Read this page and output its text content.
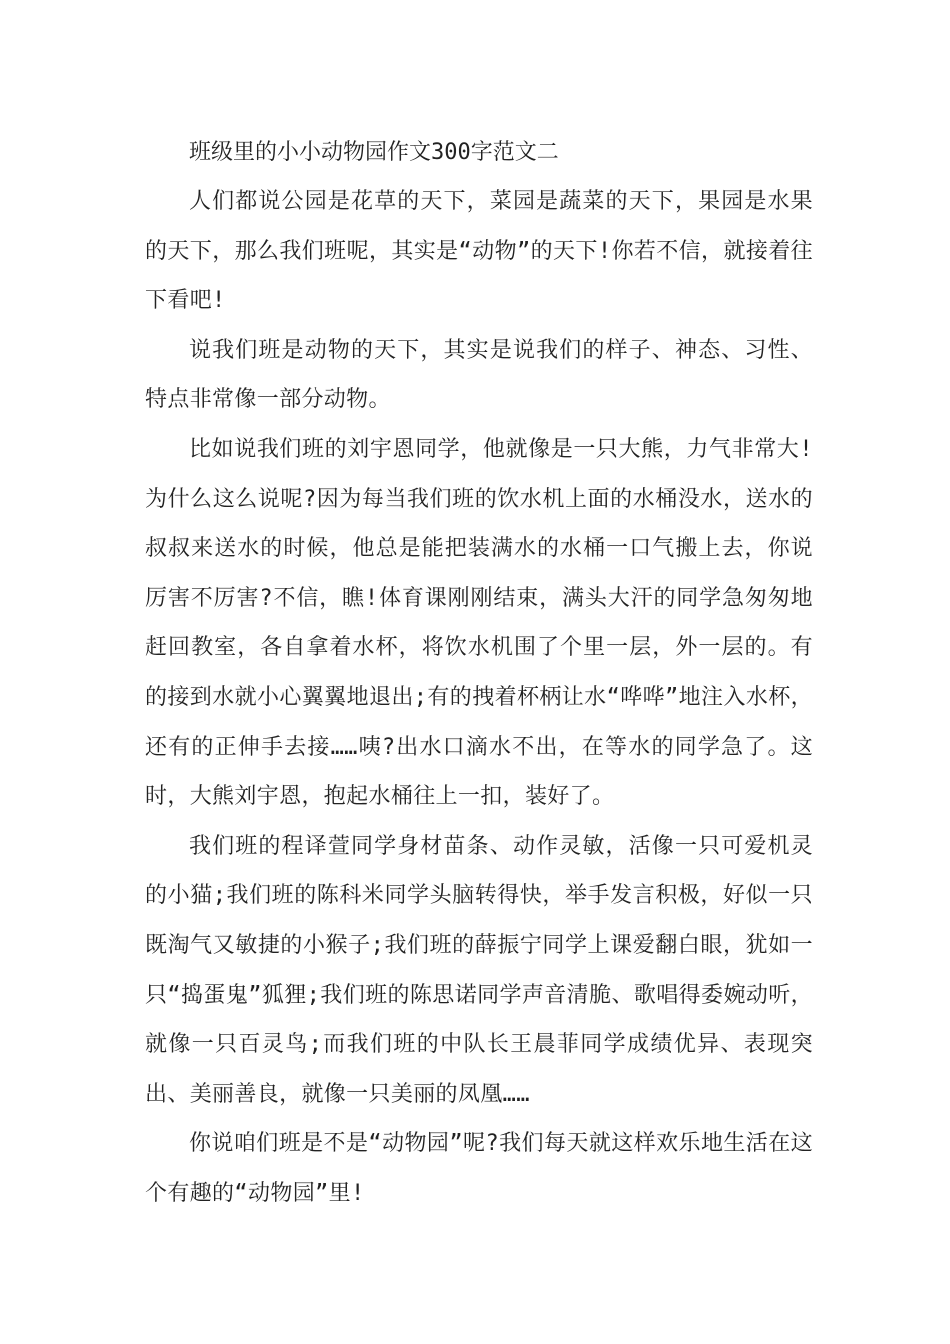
班级里的小小动物园作文300字范文二

人们都说公园是花草的天下，菜园是蔬菜的天下，果园是水果的天下，那么我们班呢，其实是“动物”的天下!你若不信，就接着往下看吧!

说我们班是动物的天下，其实是说我们的样子、神态、习性、特点非常像一部分动物。

比如说我们班的刘宇恩同学，他就像是一只大熊，力气非常大!为什么这么说呢?因为每当我们班的饮水机上面的水桶没水，送水的叔叔来送水的时候，他总是能把装满水的水桶一口气搬上去，你说厉害不厉害?不信，瞧!体育课刚刚结束，满头大汗的同学急匆匆地赶回教室，各自拿着水杯，将饮水机围了个里一层，外一层的。有的接到水就小心翼翼地退出;有的拽着杯柄让水“哗哗”地注入水杯，还有的正伸手去接……咦?出水口滴水不出，在等水的同学急了。这时，大熊刘宇恩，抱起水桶往上一扣，装好了。

我们班的程译萱同学身材苗条、动作灵敏，活像一只可爱机灵的小猫;我们班的陈科米同学头脑转得快，举手发言积极，好似一只既淘气又敏捷的小猴子;我们班的薛振宁同学上课爱翻白眼，犹如一只“捣蛋鬼”狐狸;我们班的陈思诺同学声音清脆、歌唱得委婉动听，就像一只百灵鸟;而我们班的中队长王晨菲同学成绩优异、表现突出、美丽善良，就像一只美丽的凤凰……

你说咱们班是不是“动物园”呢?我们每天就这样欢乐地生活在这个有趣的“动物园”里!
